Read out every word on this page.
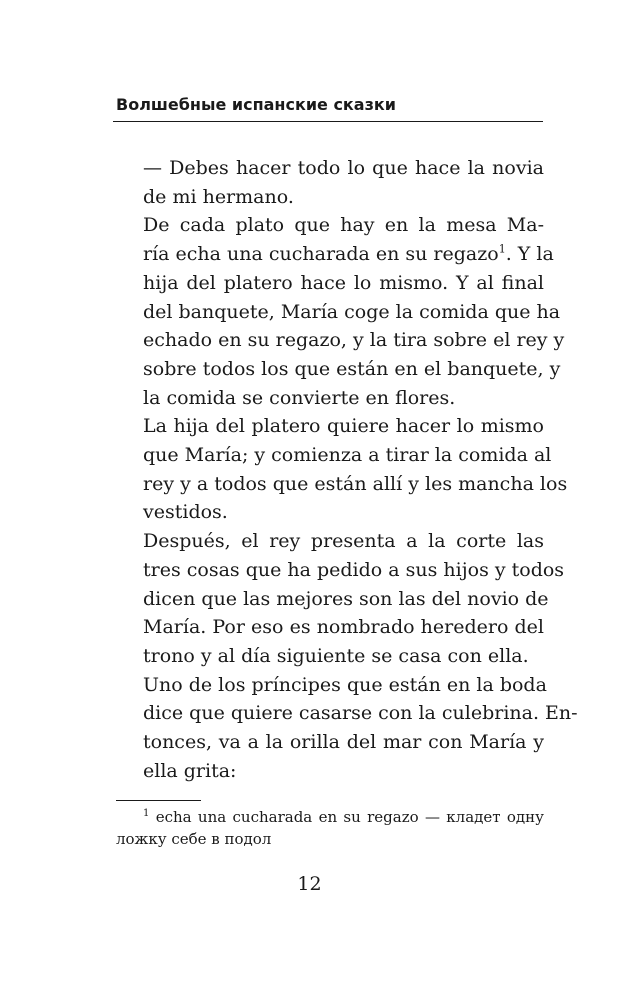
Волшебные испанские сказки

— Debes hacer todo lo que hace la novia
de mi hermano.

De cada plato que hay en la mesa Ma-
ría echa una cucharada en su regazo$^1$. Y la
hija del platero hace lo mismo. Y al final
del banquete, María coge la comida que ha
echado en su regazo, y la tira sobre el rey y
sobre todos los que están en el banquete, y
la comida se convierte en flores.

La hija del platero quiere hacer lo mismo
que María; y comienza a tirar la comida al
rey y a todos que están allí y les mancha los
vestidos.

Después, el rey presenta a la corte las
tres cosas que ha pedido a sus hijos y todos
dicen que las mejores son las del novio de
María. Por eso es nombrado heredero del
trono y al día siguiente se casa con ella.

Uno de los príncipes que están en la boda
dice que quiere casarse con la culebrina. En-
tonces, va a la orilla del mar con María y
ella grita:

$^1$ echa una cucharada en su regazo — кладет одну
ложку себе в подол
12
